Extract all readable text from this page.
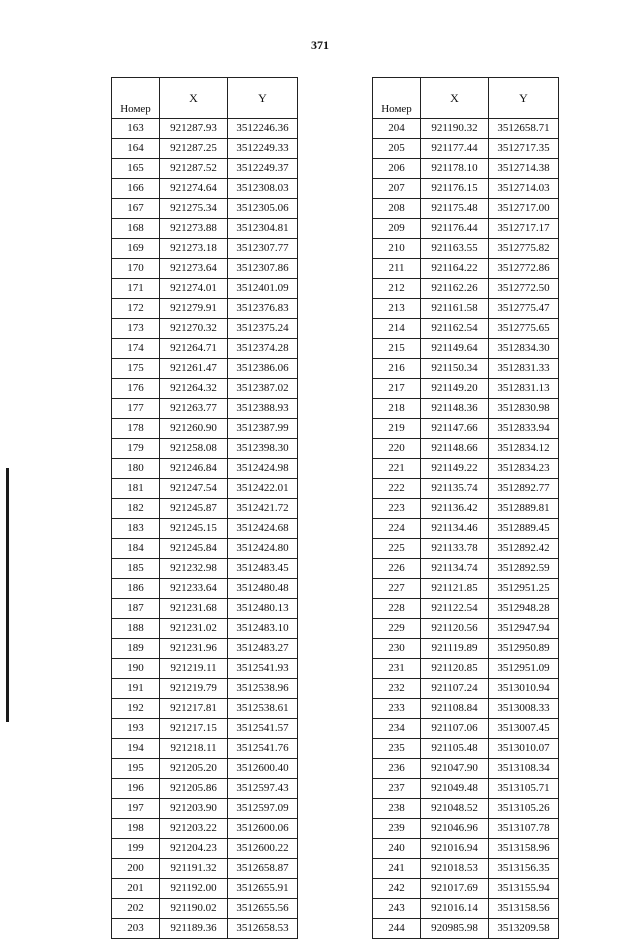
371
Номер	X	Y
163	921287.93	3512246.36
164	921287.25	3512249.33
165	921287.52	3512249.37
166	921274.64	3512308.03
167	921275.34	3512305.06
168	921273.88	3512304.81
169	921273.18	3512307.77
170	921273.64	3512307.86
171	921274.01	3512401.09
172	921279.91	3512376.83
173	921270.32	3512375.24
174	921264.71	3512374.28
175	921261.47	3512386.06
176	921264.32	3512387.02
177	921263.77	3512388.93
178	921260.90	3512387.99
179	921258.08	3512398.30
180	921246.84	3512424.98
181	921247.54	3512422.01
182	921245.87	3512421.72
183	921245.15	3512424.68
184	921245.84	3512424.80
185	921232.98	3512483.45
186	921233.64	3512480.48
187	921231.68	3512480.13
188	921231.02	3512483.10
189	921231.96	3512483.27
190	921219.11	3512541.93
191	921219.79	3512538.96
192	921217.81	3512538.61
193	921217.15	3512541.57
194	921218.11	3512541.76
195	921205.20	3512600.40
196	921205.86	3512597.43
197	921203.90	3512597.09
198	921203.22	3512600.06
199	921204.23	3512600.22
200	921191.32	3512658.87
201	921192.00	3512655.91
202	921190.02	3512655.56
203	921189.36	3512658.53
Номер	X	Y
204	921190.32	3512658.71
205	921177.44	3512717.35
206	921178.10	3512714.38
207	921176.15	3512714.03
208	921175.48	3512717.00
209	921176.44	3512717.17
210	921163.55	3512775.82
211	921164.22	3512772.86
212	921162.26	3512772.50
213	921161.58	3512775.47
214	921162.54	3512775.65
215	921149.64	3512834.30
216	921150.34	3512831.33
217	921149.20	3512831.13
218	921148.36	3512830.98
219	921147.66	3512833.94
220	921148.66	3512834.12
221	921149.22	3512834.23
222	921135.74	3512892.77
223	921136.42	3512889.81
224	921134.46	3512889.45
225	921133.78	3512892.42
226	921134.74	3512892.59
227	921121.85	3512951.25
228	921122.54	3512948.28
229	921120.56	3512947.94
230	921119.89	3512950.89
231	921120.85	3512951.09
232	921107.24	3513010.94
233	921108.84	3513008.33
234	921107.06	3513007.45
235	921105.48	3513010.07
236	921047.90	3513108.34
237	921049.48	3513105.71
238	921048.52	3513105.26
239	921046.96	3513107.78
240	921016.94	3513158.96
241	921018.53	3513156.35
242	921017.69	3513155.94
243	921016.14	3513158.56
244	920985.98	3513209.58
